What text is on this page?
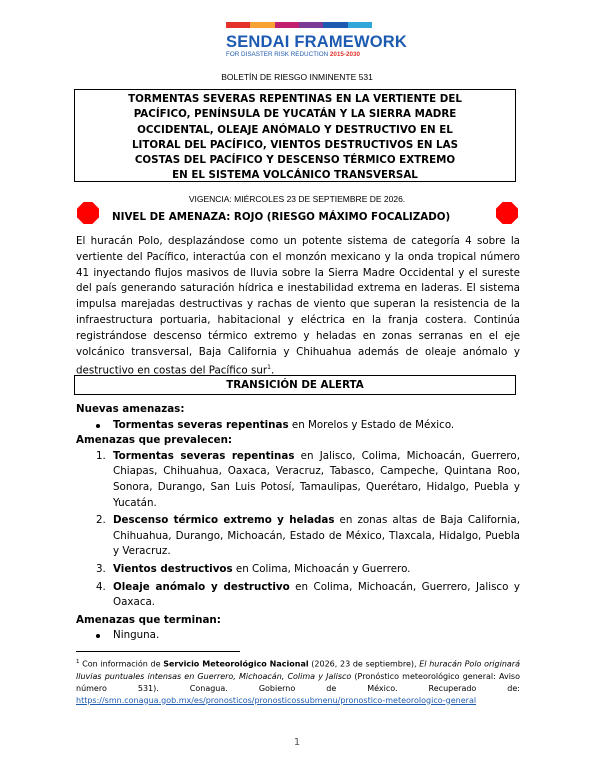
SENDAI FRAMEWORK
FOR DISASTER RISK REDUCTION 2015-2030
BOLETÍN DE RIESGO INMINENTE 531
TORMENTAS SEVERAS REPENTINAS EN LA VERTIENTE DEL
PACÍFICO, PENÍNSULA DE YUCATÁN Y LA SIERRA MADRE
OCCIDENTAL, OLEAJE ANÓMALO Y DESTRUCTIVO EN EL
LITORAL DEL PACÍFICO, VIENTOS DESTRUCTIVOS EN LAS
COSTAS DEL PACÍFICO Y DESCENSO TÉRMICO EXTREMO
EN EL SISTEMA VOLCÁNICO TRANSVERSAL
VIGENCIA: MIÉRCOLES 23 DE SEPTIEMBRE DE 2026.
NIVEL DE AMENAZA: ROJO (RIESGO MÁXIMO FOCALIZADO)
El huracán Polo, desplazándose como un potente sistema de categoría 4 sobre la vertiente del Pacífico, interactúa con el monzón mexicano y la onda tropical número 41 inyectando flujos masivos de lluvia sobre la Sierra Madre Occidental y el sureste del país generando saturación hídrica e inestabilidad extrema en laderas. El sistema impulsa marejadas destructivas y rachas de viento que superan la resistencia de la infraestructura portuaria, habitacional y eléctrica en la franja costera. Continúa registrándose descenso térmico extremo y heladas en zonas serranas en el eje volcánico transversal, Baja California y Chihuahua además de oleaje anómalo y destructivo en costas del Pacífico sur$^1$.
TRANSICIÓN DE ALERTA
Nuevas amenazas:
Tormentas severas repentinas en Morelos y Estado de México.
Amenazas que prevalecen:
1. Tormentas severas repentinas en Jalisco, Colima, Michoacán, Guerrero, Chiapas, Chihuahua, Oaxaca, Veracruz, Tabasco, Campeche, Quintana Roo, Sonora, Durango, San Luis Potosí, Tamaulipas, Querétaro, Hidalgo, Puebla y Yucatán.
2. Descenso térmico extremo y heladas en zonas altas de Baja California, Chihuahua, Durango, Michoacán, Estado de México, Tlaxcala, Hidalgo, Puebla y Veracruz.
3. Vientos destructivos en Colima, Michoacán y Guerrero.
4. Oleaje anómalo y destructivo en Colima, Michoacán, Guerrero, Jalisco y Oaxaca.
Amenazas que terminan:
Ninguna.
$^1$ Con información de Servicio Meteorológico Nacional (2026, 23 de septiembre), El huracán Polo originará lluvias puntuales intensas en Guerrero, Michoacán, Colima y Jalisco (Pronóstico meteorológico general: Aviso número 531). Conagua. Gobierno de México. Recuperado de: https://smn.conagua.gob.mx/es/pronosticos/pronosticossubmenu/pronostico-meteorologico-general
1
